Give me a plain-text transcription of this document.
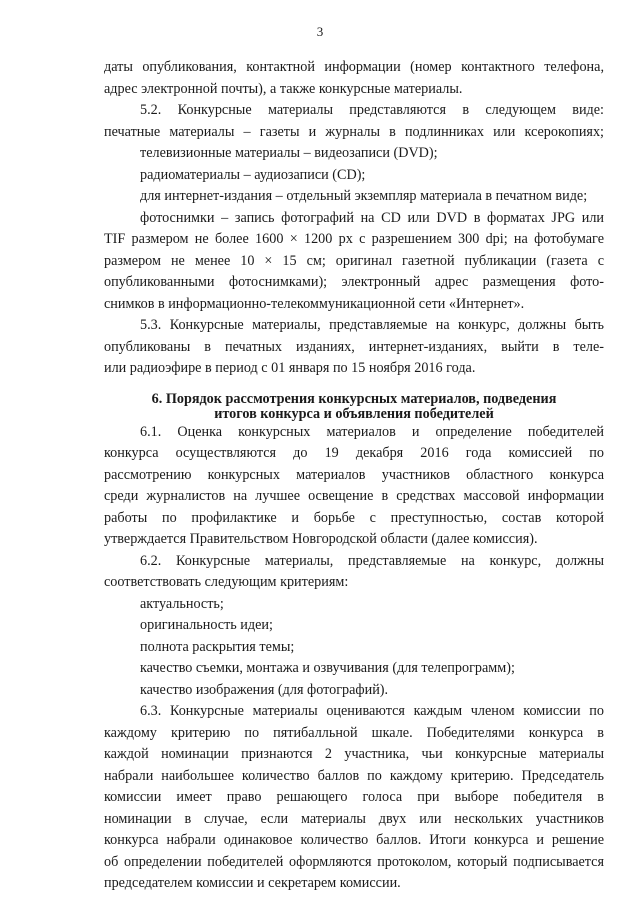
3

даты опубликования, контактной информации (номер контактного телефона,

адрес электронной почты), а также конкурсные материалы.

5.2. Конкурсные материалы представляются в следующем виде:

печатные материалы – газеты и журналы в подлинниках или ксерокопиях;

телевизионные материалы – видеозаписи (DVD);

радиоматериалы – аудиозаписи (CD);

для интернет-издания – отдельный экземпляр материала в печатном виде;

фотоснимки – запись фотографий на CD или DVD в форматах JPG или

TIF размером не более 1600 × 1200 px с разрешением 300 dpi; на фотобумаге

размером не менее 10 × 15 см; оригинал газетной публикации (газета с

опубликованными фотоснимками); электронный адрес размещения фото-

снимков в информационно-телекоммуникационной сети «Интернет».

5.3. Конкурсные материалы, представляемые на конкурс, должны быть

опубликованы в печатных изданиях, интернет-изданиях, выйти в теле-

или радиоэфире в период с 01 января по 15 ноября 2016 года.

6. Порядок рассмотрения конкурсных материалов, подведения
итогов конкурса и объявления победителей

6.1. Оценка конкурсных материалов и определение победителей

конкурса осуществляются до 19 декабря 2016 года комиссией по

рассмотрению конкурсных материалов участников областного конкурса

среди журналистов на лучшее освещение в средствах массовой информации

работы по профилактике и борьбе с преступностью, состав которой

утверждается Правительством Новгородской области (далее комиссия).

6.2. Конкурсные материалы, представляемые на конкурс, должны

соответствовать следующим критериям:

актуальность;

оригинальность идеи;

полнота раскрытия темы;

качество съемки, монтажа и озвучивания (для телепрограмм);

качество изображения (для фотографий).

6.3. Конкурсные материалы оцениваются каждым членом комиссии по

каждому критерию по пятибалльной шкале. Победителями конкурса в

каждой номинации признаются 2 участника, чьи конкурсные материалы

набрали наибольшее количество баллов по каждому критерию. Председатель

комиссии имеет право решающего голоса при выборе победителя в

номинации в случае, если материалы двух или нескольких участников

конкурса набрали одинаковое количество баллов. Итоги конкурса и решение

об определении победителей оформляются протоколом, который подписывается

председателем комиссии и секретарем комиссии.
